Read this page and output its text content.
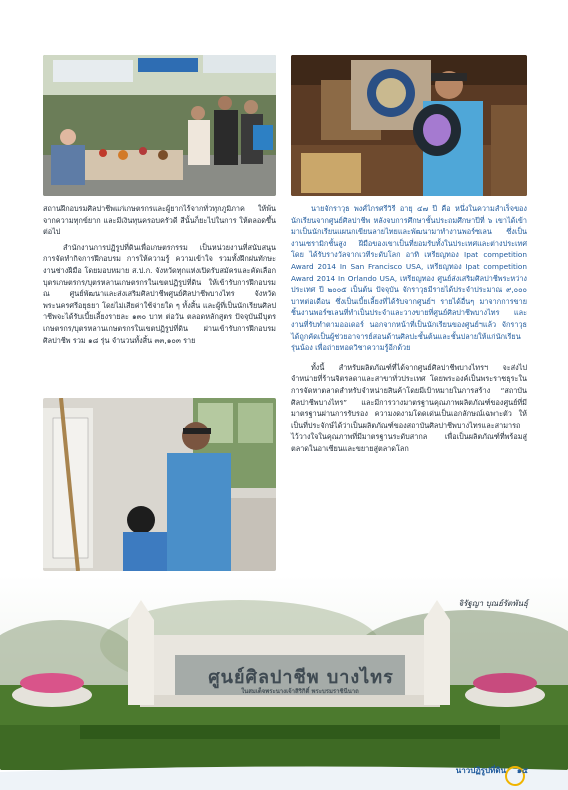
ศูนย์ศิลปาชีพ บางไทร
ในสมเด็จพระนางเจ้าสิริกิติ์ พระบรมราชินีนาถ

สถานฝึกอบรมศิลปาชีพแก่เกษตรกรและผู้ยากไร้จากทั่วทุกภูมิภาค ให้พ้นจากความทุกข์ยาก และมีเงินทุนครอบครัวดี สีนั้นก็ยะไปในการ ให้ตลอดขึ้นต่อไป

สำนักงานการปฏิรูปที่ดินเพื่อเกษตรกรรม เป็นหน่วยงานที่สนับสนุนการจัดทำกิจการฝึกอบรม การให้ความรู้ ความเข้าใจ รวมทั้งฝึกฝนทักษะงานช่างฝีมือ โดยมอบหมาย ส.ป.ก. จังหวัดทุกแห่งเปิดรับสมัครและคัดเลือกบุตรเกษตรกร/บุตรหลานเกษตรกรในเขตปฏิรูปที่ดิน ให้เข้ารับการฝึกอบรม ณ ศูนย์พัฒนาและส่งเสริมศิลปาชีพศูนย์ศิลปาชีพบางไทร จังหวัดพระนครศรีอยุธยา โดยไม่เสียค่าใช้จ่ายใด ๆ ทั้งสิ้น และผู้ที่เป็นนักเรียนศิลปาชีพจะได้รับเบี้ยเลี้ยงรายละ ๑๓๐ บาท ต่อวัน ตลอดหลักสูตร ปัจจุบันมีบุตรเกษตรกร/บุตรหลานเกษตรกรในเขตปฏิรูปที่ดิน ผ่านเข้ารับการฝึกอบรมศิลปาชีพ รวม ๑๘ รุ่น จำนวนทั้งสิ้น ๓๓,๑๐๓ ราย

นายจักราวุธ พงศ์ไกรศรีวิรี อายุ ๔๗ ปี คือ หนึ่งในความสำเร็จของนักเรียนจากศูนย์ศิลปาชีพ หลังจบการศึกษาชั้นประถมศึกษาปีที่ ๖ เขาได้เข้ามาเป็นนักเรียนแผนกเขียนลายไทยและพัฒนามาทำงานพอร์ซเลน ซึ่งเป็นงานเซรามิกชั้นสูง ฝีมือของเขาเป็นที่ยอมรับทั้งในประเทศและต่างประเทศ โดย ได้รับรางวัลจากเวทีระดับโลก อาทิ เหรียญทอง Ipat competition Award 2014 In San Francisco USA, เหรียญทอง Ipat competition Award 2014 In Orlando USA, เหรียญทอง ศูนย์ส่งเสริมศิลปาชีพระหว่างประเทศ ปี ๒๐๐๕ เป็นต้น ปัจจุบัน จักราวุธมีรายได้ประจำประมาณ ๙,๐๐๐ บาทต่อเดือน ซึ่งเป็นเบี้ยเลี้ยงที่ได้รับจากศูนย์ฯ รายได้อื่นๆ มาจากการขายชิ้นงานพอร์ซเลนที่ทำเป็นประจำและวางขายที่ศูนย์ศิลปาชีพบางไทร และงานที่รับทำตามออเดอร์ นอกจากหน้าที่เป็นนักเรียนของศูนย์ฯแล้ว จักราวุธได้ถูกคัดเป็นผู้ช่วยอาจารย์สอนด้านศิลปะชั้นต้นและชั้นปลายให้แก่นักเรียนรุ่นน้อง เพื่อถ่ายทอดวิชาความรู้อีกด้วย

ทั้งนี้ สำหรับผลิตภัณฑ์ที่ได้จากศูนย์ศิลปาชีพบางไทรฯ จะส่งไปจำหน่ายที่ร้านจิตรลดาและสาขาทั่วประเทศ โดยพระองค์เป็นพระราชธุระในการจัดหาตลาดสำหรับจำหน่ายสินค้าโดยมีเป้าหมายในการสร้าง “สถาบันศิลปาชีพบางไทร” และมีการวางมาตรฐานคุณภาพผลิตภัณฑ์ของศูนย์ที่มีมาตรฐานผ่านการรับรอง ความงดงามโดดเด่นเป็นเอกลักษณ์เฉพาะตัว ให้เป็นที่ประจักษ์ได้ว่าเป็นผลิตภัณฑ์ของสถาบันศิลปาชีพบางไทรและสามารถไว้วางใจในคุณภาพที่มีมาตรฐานระดับสากล เพื่อเป็นผลิตภัณฑ์ที่พร้อมสู่ตลาดในอาเซียนและขยายสู่ตลาดโลก

จิรัฐญา บุณย์รัตพันธุ์
นาวปฏิรูปที่ดิน ๑๕
